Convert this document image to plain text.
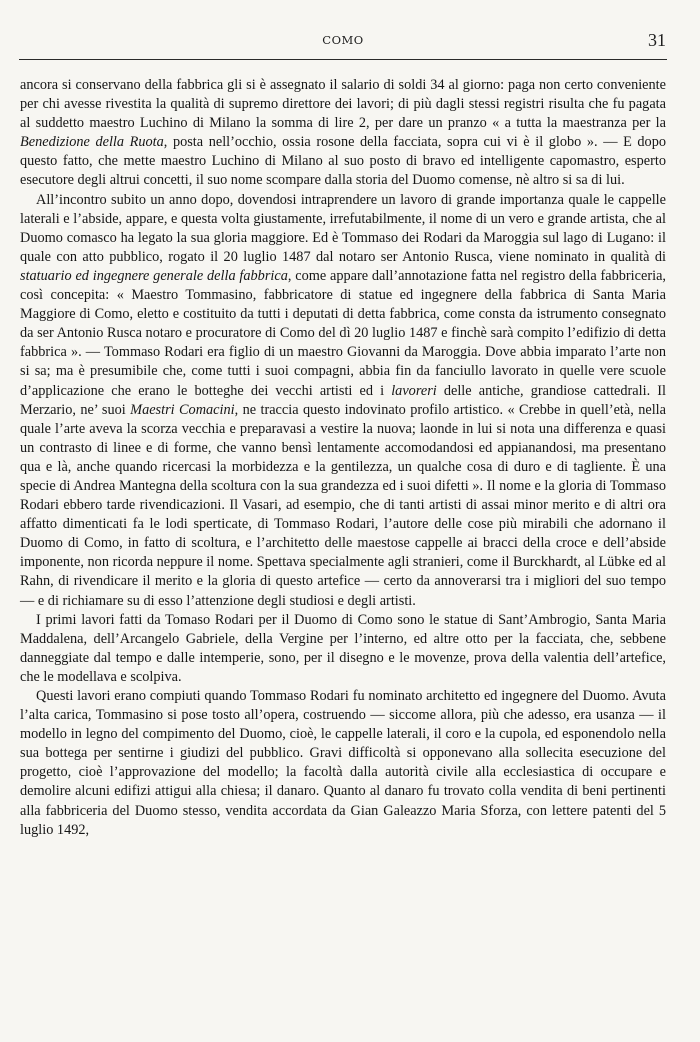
COMO	31

ancora si conservano della fabbrica gli si è assegnato il salario di soldi 34 al giorno: paga non certo conveniente per chi avesse rivestita la qualità di supremo direttore dei lavori; di più dagli stessi registri risulta che fu pagata al suddetto maestro Luchino di Milano la somma di lire 2, per dare un pranzo « a tutta la maestranza per la Benedizione della Ruota, posta nell’occhio, ossia rosone della facciata, sopra cui vi è il globo ». — E dopo questo fatto, che mette maestro Luchino di Milano al suo posto di bravo ed intelligente capomastro, esperto esecutore degli altrui concetti, il suo nome scompare dalla storia del Duomo comense, nè altro si sa di lui.

All’incontro subito un anno dopo, dovendosi intraprendere un lavoro di grande importanza quale le cappelle laterali e l’abside, appare, e questa volta giustamente, irrefutabilmente, il nome di un vero e grande artista, che al Duomo comasco ha legato la sua gloria maggiore. Ed è Tommaso dei Rodari da Maroggia sul lago di Lugano: il quale con atto pubblico, rogato il 20 luglio 1487 dal notaro ser Antonio Rusca, viene nominato in qualità di statuario ed ingegnere generale della fabbrica, come appare dall’annotazione fatta nel registro della fabbriceria, così concepita: « Maestro Tommasino, fabbricatore di statue ed ingegnere della fabbrica di Santa Maria Maggiore di Como, eletto e costituito da tutti i deputati di detta fabbrica, come consta da istrumento consegnato da ser Antonio Rusca notaro e procuratore di Como del dì 20 luglio 1487 e finchè sarà compito l’edifizio di detta fabbrica ». — Tommaso Rodari era figlio di un maestro Giovanni da Maroggia. Dove abbia imparato l’arte non si sa; ma è presumibile che, come tutti i suoi compagni, abbia fin da fanciullo lavorato in quelle vere scuole d’applicazione che erano le botteghe dei vecchi artisti ed i lavoreri delle antiche, grandiose cattedrali. Il Merzario, ne’ suoi Maestri Comacini, ne traccia questo indovinato profilo artistico. « Crebbe in quell’età, nella quale l’arte aveva la scorza vecchia e preparavasi a vestire la nuova; laonde in lui si nota una differenza e quasi un contrasto di linee e di forme, che vanno bensì lentamente accomodandosi ed appianandosi, ma presentano qua e là, anche quando ricercasi la morbidezza e la gentilezza, un qualche cosa di duro e di tagliente. È una specie di Andrea Mantegna della scoltura con la sua grandezza ed i suoi difetti ». Il nome e la gloria di Tommaso Rodari ebbero tarde rivendicazioni. Il Vasari, ad esempio, che di tanti artisti di assai minor merito e di altri ora affatto dimenticati fa le lodi sperticate, di Tommaso Rodari, l’autore delle cose più mirabili che adornano il Duomo di Como, in fatto di scoltura, e l’architetto delle maestose cappelle ai bracci della croce e dell’abside imponente, non ricorda neppure il nome. Spettava specialmente agli stranieri, come il Burckhardt, al Lübke ed al Rahn, di rivendicare il merito e la gloria di questo artefice — certo da annoverarsi tra i migliori del suo tempo — e di richiamare su di esso l’attenzione degli studiosi e degli artisti.

I primi lavori fatti da Tomaso Rodari per il Duomo di Como sono le statue di Sant’Ambrogio, Santa Maria Maddalena, dell’Arcangelo Gabriele, della Vergine per l’interno, ed altre otto per la facciata, che, sebbene danneggiate dal tempo e dalle intemperie, sono, per il disegno e le movenze, prova della valentia dell’artefice, che le modellava e scolpiva.

Questi lavori erano compiuti quando Tommaso Rodari fu nominato architetto ed ingegnere del Duomo. Avuta l’alta carica, Tommasino si pose tosto all’opera, costruendo — siccome allora, più che adesso, era usanza — il modello in legno del compimento del Duomo, cioè, le cappelle laterali, il coro e la cupola, ed esponendolo nella sua bottega per sentirne i giudizi del pubblico. Gravi difficoltà si opponevano alla sollecita esecuzione del progetto, cioè l’approvazione del modello; la facoltà dalla autorità civile alla ecclesiastica di occupare e demolire alcuni edifizi attigui alla chiesa; il danaro. Quanto al danaro fu trovato colla vendita di beni pertinenti alla fabbriceria del Duomo stesso, vendita accordata da Gian Galeazzo Maria Sforza, con lettere patenti del 5 luglio 1492,
